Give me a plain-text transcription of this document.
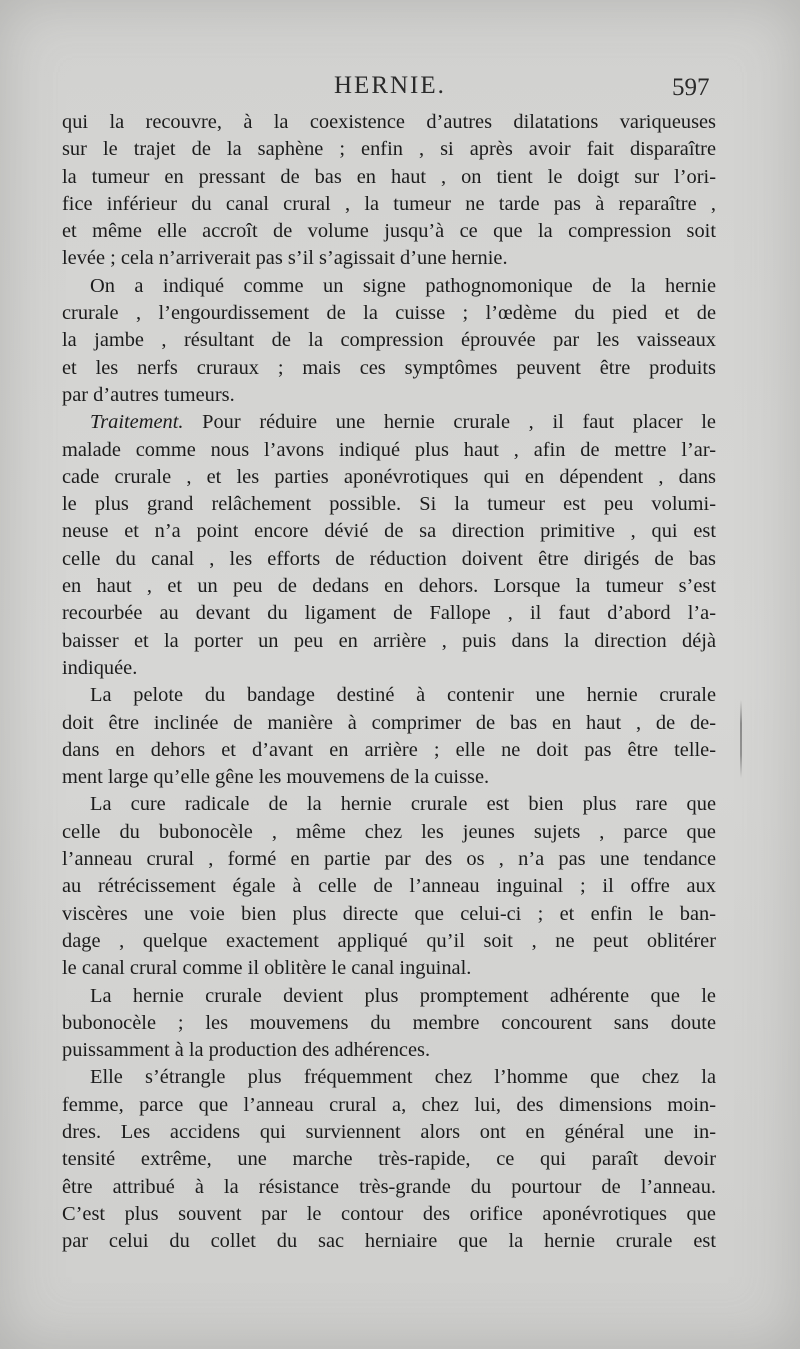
HERNIE.	597
qui la recouvre, à la coexistence d’autres dilatations variqueuses
sur le trajet de la saphène ; enfin , si après avoir fait disparaître
la tumeur en pressant de bas en haut , on tient le doigt sur l’ori-
fice inférieur du canal crural , la tumeur ne tarde pas à reparaître ,
et même elle accroît de volume jusqu’à ce que la compression soit
levée ; cela n’arriverait pas s’il s’agissait d’une hernie.
On a indiqué comme un signe pathognomonique de la hernie
crurale , l’engourdissement de la cuisse ; l’œdème du pied et de
la jambe , résultant de la compression éprouvée par les vaisseaux
et les nerfs cruraux ; mais ces symptômes peuvent être produits
par d’autres tumeurs.
Traitement. Pour réduire une hernie crurale , il faut placer le
malade comme nous l’avons indiqué plus haut , afin de mettre l’ar-
cade crurale , et les parties aponévrotiques qui en dépendent , dans
le plus grand relâchement possible. Si la tumeur est peu volumi-
neuse et n’a point encore dévié de sa direction primitive , qui est
celle du canal , les efforts de réduction doivent être dirigés de bas
en haut , et un peu de dedans en dehors. Lorsque la tumeur s’est
recourbée au devant du ligament de Fallope , il faut d’abord l’a-
baisser et la porter un peu en arrière , puis dans la direction déjà
indiquée.
La pelote du bandage destiné à contenir une hernie crurale
doit être inclinée de manière à comprimer de bas en haut , de de-
dans en dehors et d’avant en arrière ; elle ne doit pas être telle-
ment large qu’elle gêne les mouvemens de la cuisse.
La cure radicale de la hernie crurale est bien plus rare que
celle du bubonocèle , même chez les jeunes sujets , parce que
l’anneau crural , formé en partie par des os , n’a pas une tendance
au rétrécissement égale à celle de l’anneau inguinal ; il offre aux
viscères une voie bien plus directe que celui-ci ; et enfin le ban-
dage , quelque exactement appliqué qu’il soit , ne peut oblitérer
le canal crural comme il oblitère le canal inguinal.
La hernie crurale devient plus promptement adhérente que le
bubonocèle ; les mouvemens du membre concourent sans doute
puissamment à la production des adhérences.
Elle s’étrangle plus fréquemment chez l’homme que chez la
femme, parce que l’anneau crural a, chez lui, des dimensions moin-
dres. Les accidens qui surviennent alors ont en général une in-
tensité extrême, une marche très-rapide, ce qui paraît devoir
être attribué à la résistance très-grande du pourtour de l’anneau.
C’est plus souvent par le contour des orifice aponévrotiques que
par celui du collet du sac herniaire que la hernie crurale est
